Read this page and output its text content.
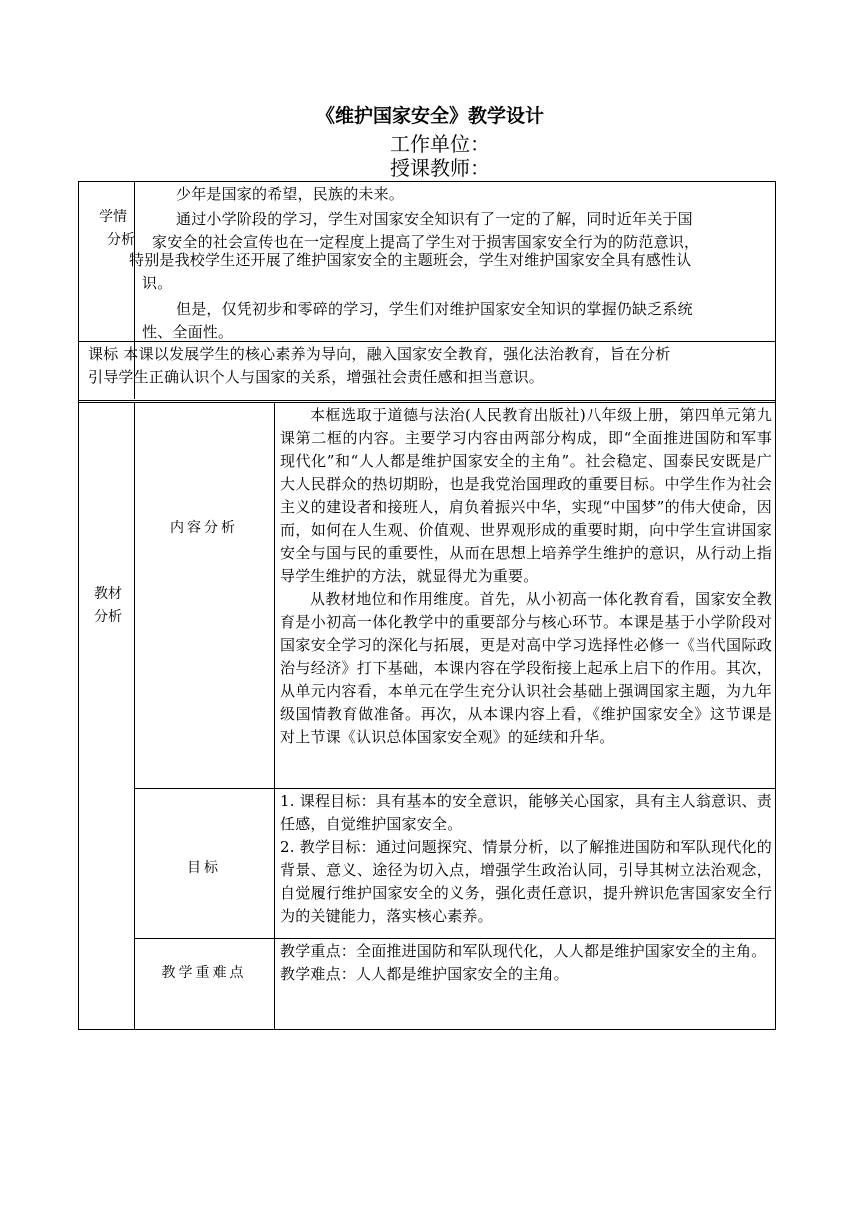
《维护国家安全》教学设计
工作单位：
授课教师：
学情
分析

少年是国家的希望，民族的未来。

通过小学阶段的学习，学生对国家安全知识有了一定的了解，同时近年关于国

家安全的社会宣传也在一定程度上提高了学生对于损害国家安全行为的防范意识，

特别是我校学生还开展了维护国家安全的主题班会，学生对维护国家安全具有感性认

识。

但是，仅凭初步和零碎的学习，学生们对维护国家安全知识的掌握仍缺乏系统

性、全面性。

课标 本课以发展学生的核心素养为导向，融入国家安全教育，强化法治教育，旨在分析

引导学生正确认识个人与国家的关系，增强社会责任感和担当意识。

教材
分析
内容分析

本框选取于道德与法治(人民教育出版社)八年级上册，第四单元第九课第二框的内容。主要学习内容由两部分构成，即“全面推进国防和军事现代化”和“人人都是维护国家安全的主角”。社会稳定、国泰民安既是广大人民群众的热切期盼，也是我党治国理政的重要目标。中学生作为社会主义的建设者和接班人，肩负着振兴中华，实现“中国梦”的伟大使命，因而，如何在人生观、价值观、世界观形成的重要时期，向中学生宣讲国家安全与国与民的重要性，从而在思想上培养学生维护的意识，从行动上指导学生维护的方法，就显得尤为重要。

从教材地位和作用维度。首先，从小初高一体化教育看，国家安全教育是小初高一体化教学中的重要部分与核心环节。本课是基于小学阶段对国家安全学习的深化与拓展，更是对高中学习选择性必修一《当代国际政治与经济》打下基础，本课内容在学段衔接上起承上启下的作用。其次，从单元内容看，本单元在学生充分认识社会基础上强调国家主题，为九年级国情教育做准备。再次，从本课内容上看，《维护国家安全》这节课是对上节课《认识总体国家安全观》的延续和升华。

目标

1. 课程目标：具有基本的安全意识，能够关心国家，具有主人翁意识、责任感，自觉维护国家安全。

2. 教学目标：通过问题探究、情景分析，以了解推进国防和军队现代化的背景、意义、途径为切入点，增强学生政治认同，引导其树立法治观念，自觉履行维护国家安全的义务，强化责任意识，提升辨识危害国家安全行为的关键能力，落实核心素养。

教学重难点

教学重点：全面推进国防和军队现代化，人人都是维护国家安全的主角。

教学难点：人人都是维护国家安全的主角。
